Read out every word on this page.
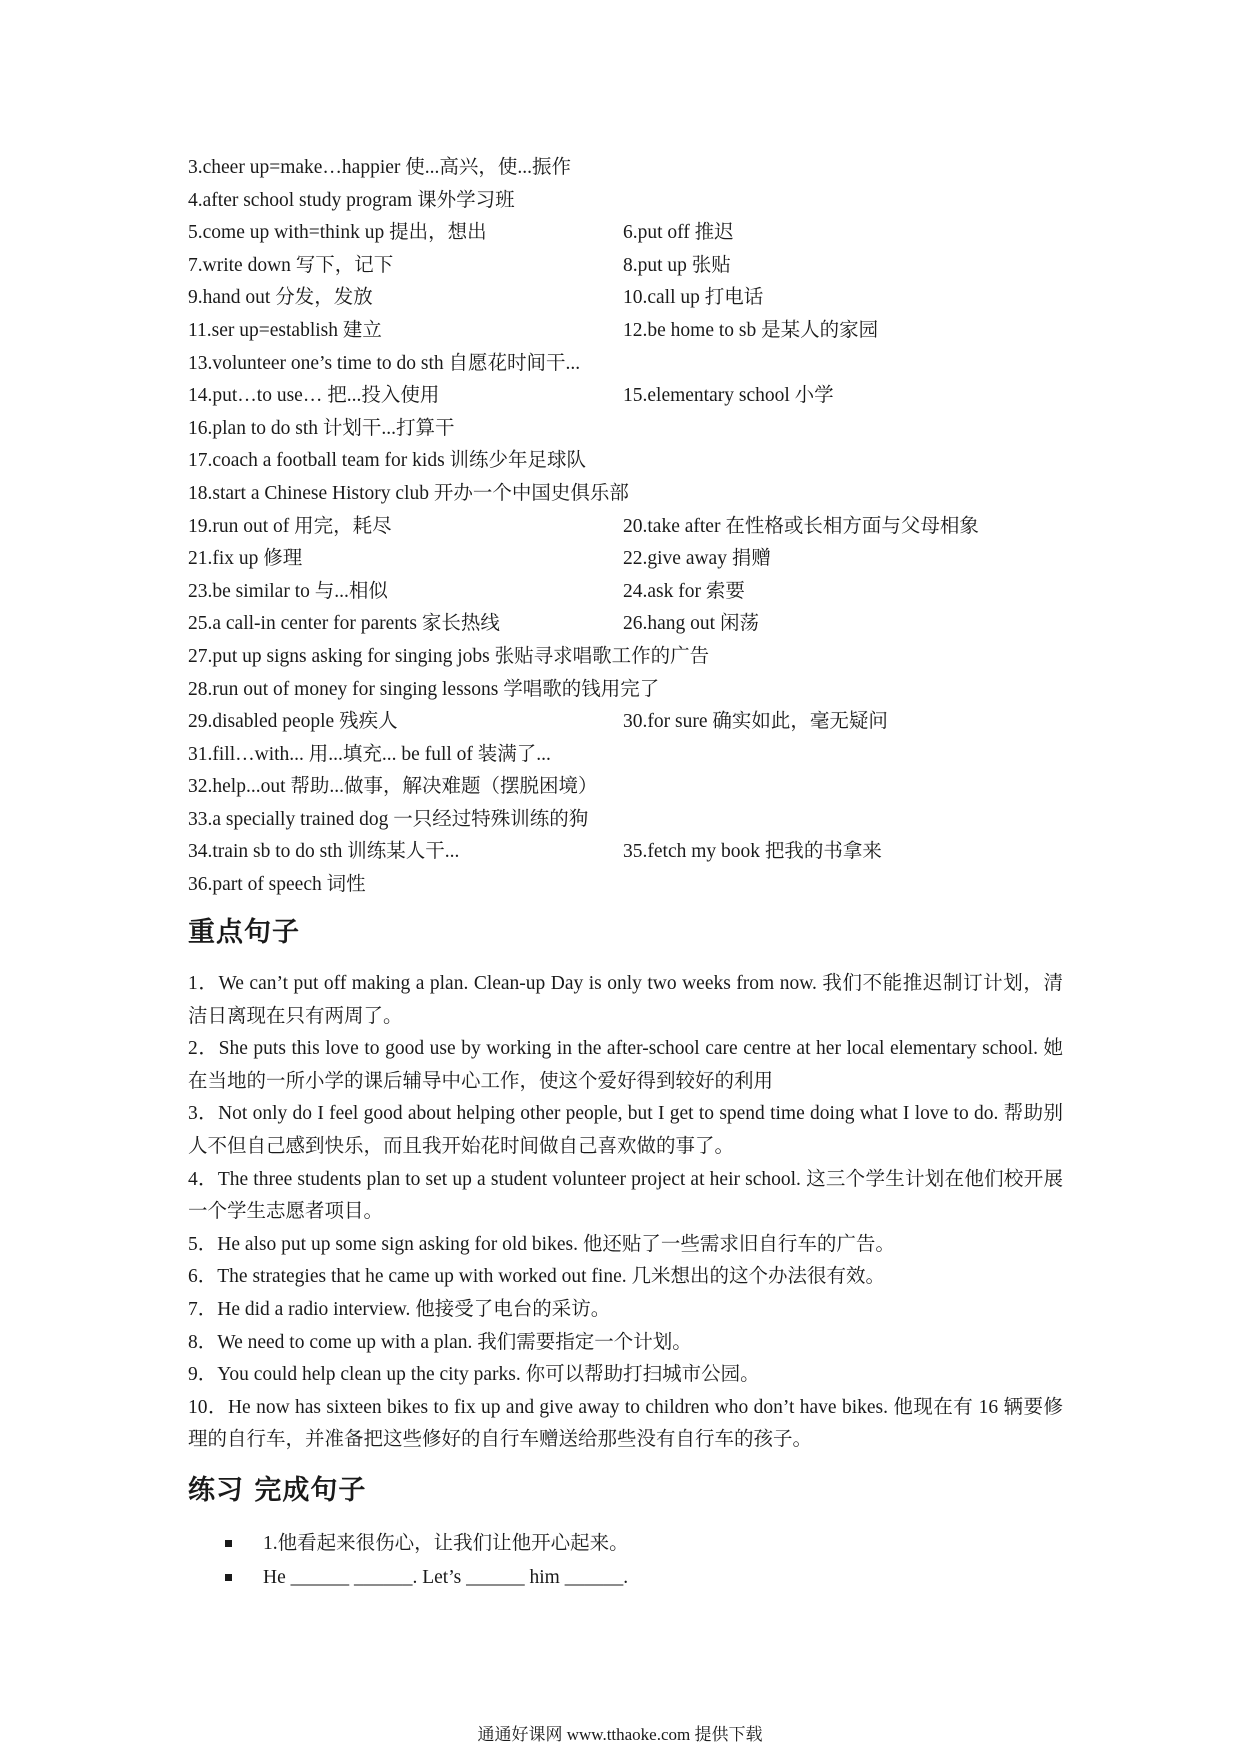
3.cheer up=make…happier 使...高兴，使...振作
4.after school study program 课外学习班
5.come up with=think up 提出，想出	6.put off 推迟
7.write down 写下，记下	8.put up 张贴
9.hand out 分发，发放	10.call up 打电话
11.ser up=establish 建立	12.be home to sb 是某人的家园
13.volunteer one’s time to do sth 自愿花时间干...
14.put…to use… 把...投入使用	15.elementary school 小学
16.plan to do sth 计划干...打算干
17.coach a football team for kids 训练少年足球队
18.start a Chinese History club 开办一个中国史俱乐部
19.run out of 用完，耗尽	20.take after 在性格或长相方面与父母相象
21.fix up 修理	22.give away 捐赠
23.be similar to 与...相似	24.ask for 索要
25.a call-in center for parents 家长热线	26.hang out 闲荡
27.put up signs asking for singing jobs 张贴寻求唱歌工作的广告
28.run out of money for singing lessons 学唱歌的钱用完了
29.disabled people 残疾人	30.for sure 确实如此，毫无疑问
31.fill…with... 用...填充... be full of 装满了...
32.help...out 帮助...做事，解决难题（摆脱困境）
33.a specially trained dog 一只经过特殊训练的狗
34.train sb to do sth 训练某人干...	35.fetch my book 把我的书拿来
36.part of speech 词性
重点句子
1．We can’t put off making a plan. Clean-up Day is only two weeks from now. 我们不能推迟制订计划，清洁日离现在只有两周了。
2．She puts this love to good use by working in the after-school care centre at her local elementary school. 她在当地的一所小学的课后辅导中心工作，使这个爱好得到较好的利用
3．Not only do I feel good about helping other people, but I get to spend time doing what I love to do. 帮助别人不但自己感到快乐，而且我开始花时间做自己喜欢做的事了。
4．The three students plan to set up a student volunteer project at heir school. 这三个学生计划在他们校开展一个学生志愿者项目。
5．He also put up some sign asking for old bikes. 他还贴了一些需求旧自行车的广告。
6．The strategies that he came up with worked out fine. 几米想出的这个办法很有效。
7．He did a radio interview. 他接受了电台的采访。
8．We need to come up with a plan. 我们需要指定一个计划。
9．You could help clean up the city parks. 你可以帮助打扫城市公园。
10．He now has sixteen bikes to fix up and give away to children who don’t have bikes. 他现在有 16 辆要修理的自行车，并准备把这些修好的自行车赠送给那些没有自行车的孩子。
练习 完成句子
1.他看起来很伤心，让我们让他开心起来。
He ______ ______. Let’s ______ him ______.
通通好课网 www.tthaoke.com 提供下载
